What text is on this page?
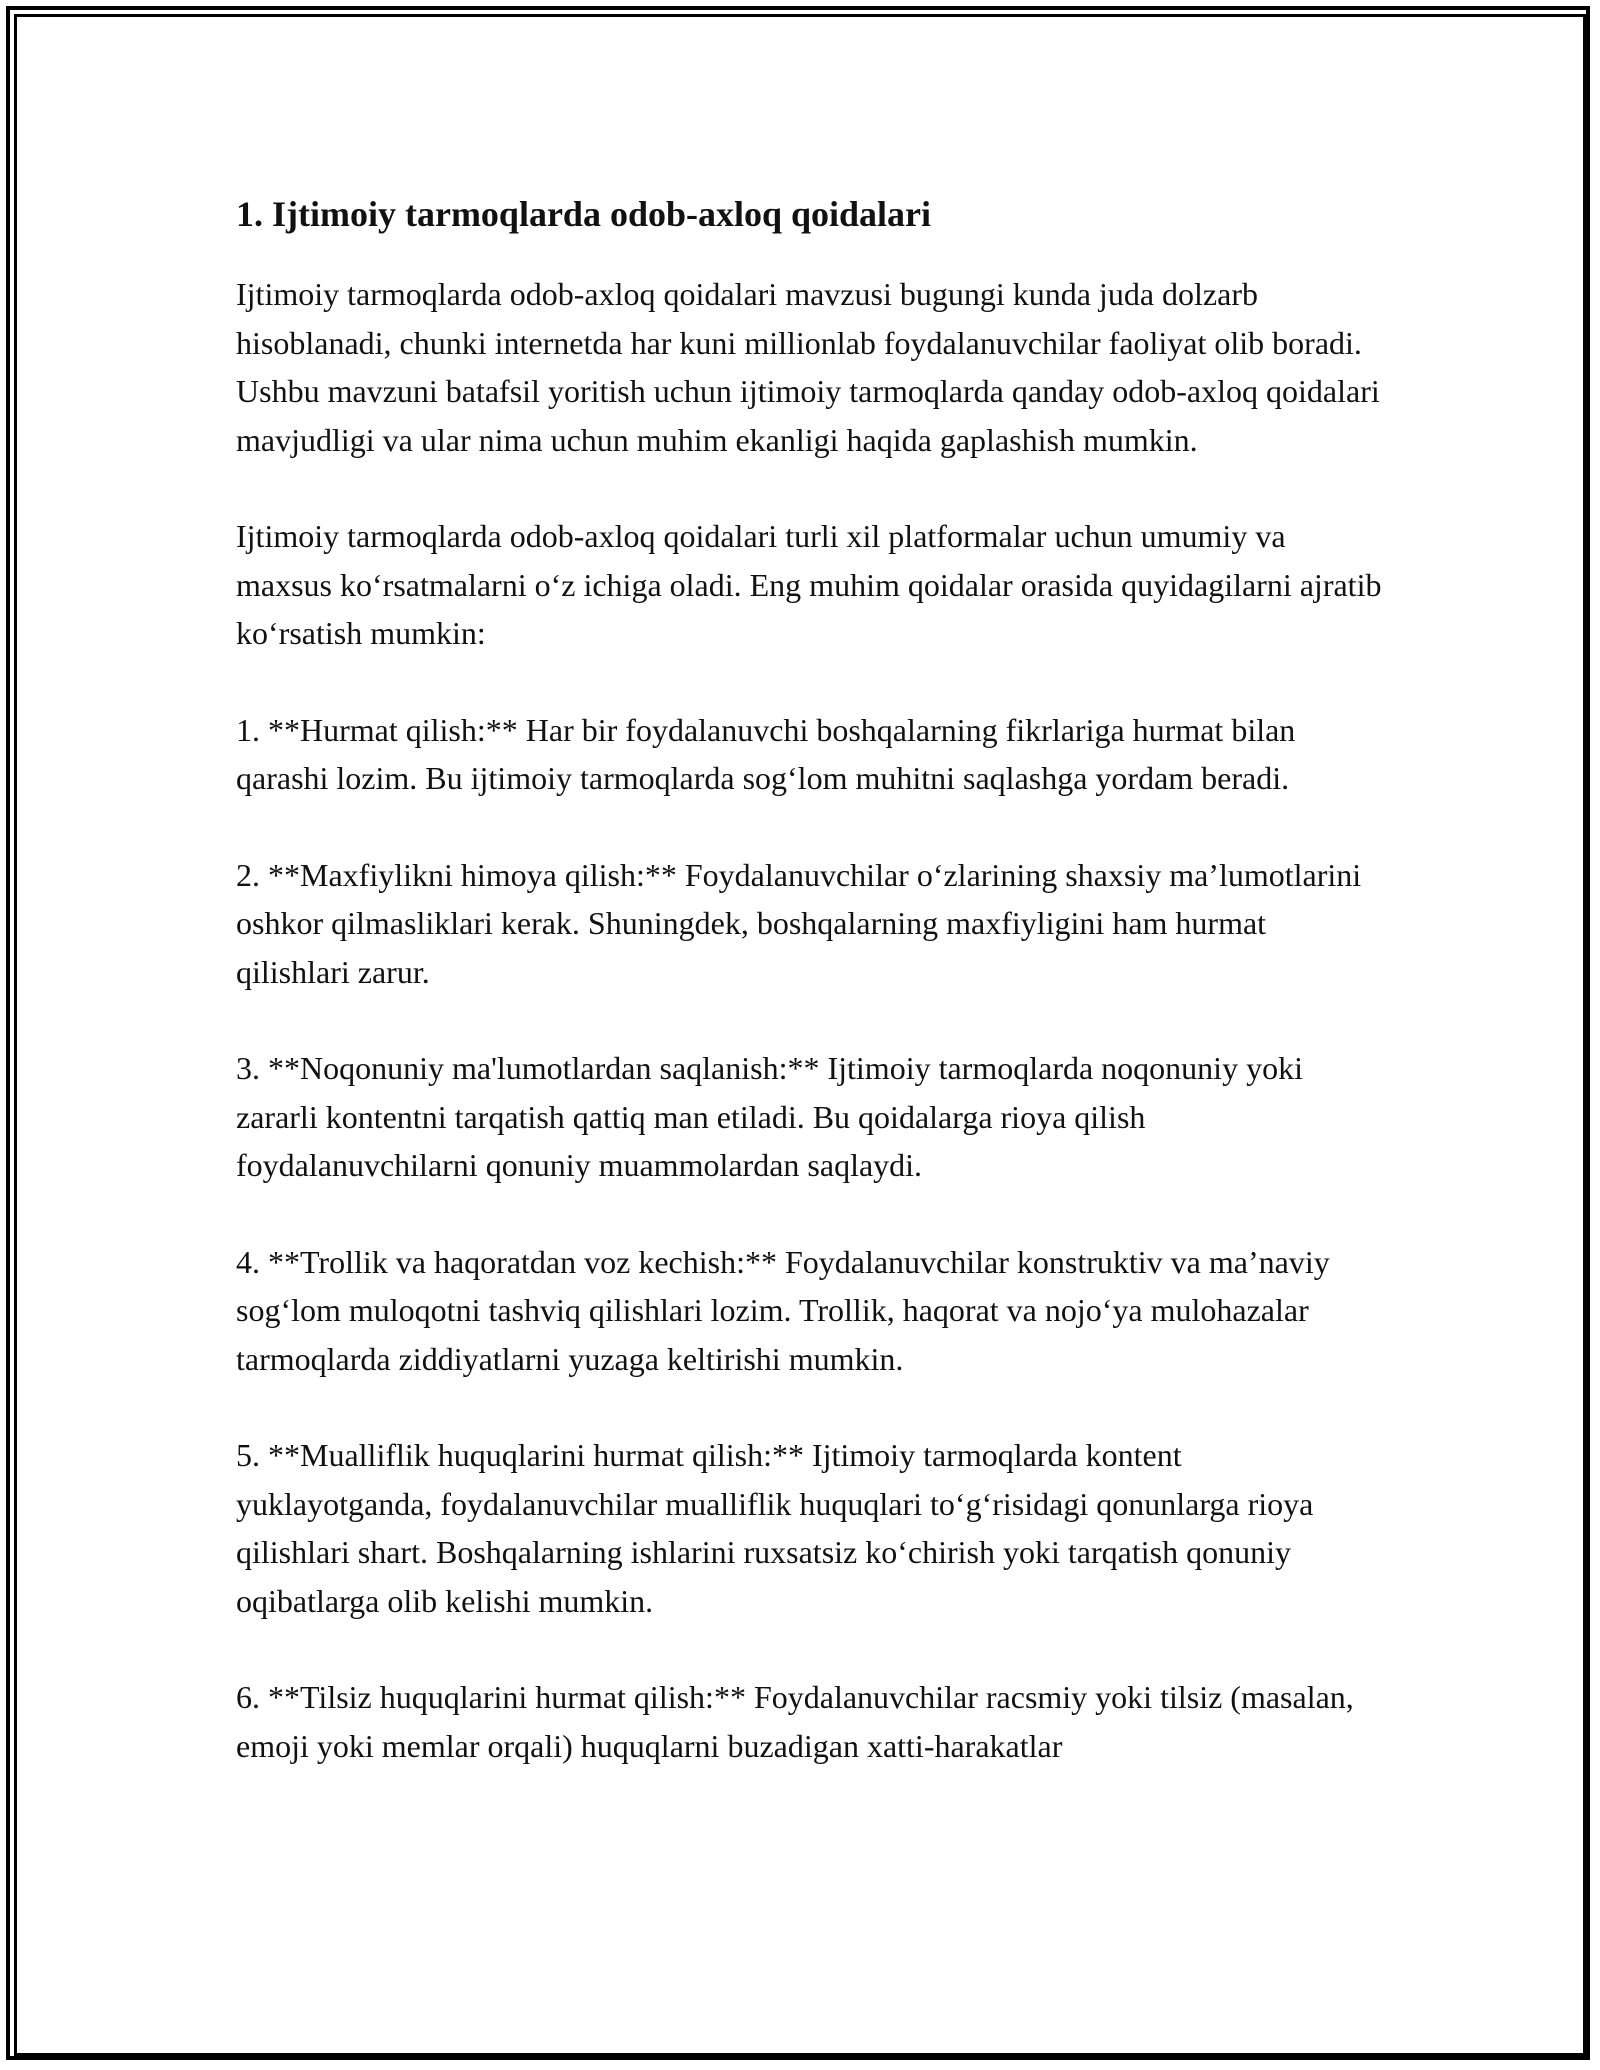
1. Ijtimoiy tarmoqlarda odob-axloq qoidalari

Ijtimoiy tarmoqlarda odob-axloq qoidalari mavzusi bugungi kunda juda dolzarb hisoblanadi, chunki internetda har kuni millionlab foydalanuvchilar faoliyat olib boradi. Ushbu mavzuni batafsil yoritish uchun ijtimoiy tarmoqlarda qanday odob-axloq qoidalari mavjudligi va ular nima uchun muhim ekanligi haqida gaplashish mumkin.

Ijtimoiy tarmoqlarda odob-axloq qoidalari turli xil platformalar uchun umumiy va maxsus koʻrsatmalarni oʻz ichiga oladi. Eng muhim qoidalar orasida quyidagilarni ajratib koʻrsatish mumkin:

1. **Hurmat qilish:** Har bir foydalanuvchi boshqalarning fikrlariga hurmat bilan qarashi lozim. Bu ijtimoiy tarmoqlarda sogʻlom muhitni saqlashga yordam beradi.

2. **Maxfiylikni himoya qilish:** Foydalanuvchilar oʻzlarining shaxsiy ma’lumotlarini oshkor qilmasliklari kerak. Shuningdek, boshqalarning maxfiyligini ham hurmat qilishlari zarur.

3. **Noqonuniy ma'lumotlardan saqlanish:** Ijtimoiy tarmoqlarda noqonuniy yoki zararli kontentni tarqatish qattiq man etiladi. Bu qoidalarga rioya qilish foydalanuvchilarni qonuniy muammolardan saqlaydi.

4. **Trollik va haqoratdan voz kechish:** Foydalanuvchilar konstruktiv va ma’naviy sogʻlom muloqotni tashviq qilishlari lozim. Trollik, haqorat va nojoʻya mulohazalar tarmoqlarda ziddiyatlarni yuzaga keltirishi mumkin.

5. **Mualliflik huquqlarini hurmat qilish:** Ijtimoiy tarmoqlarda kontent yuklayotganda, foydalanuvchilar mualliflik huquqlari toʻgʻrisidagi qonunlarga rioya qilishlari shart. Boshqalarning ishlarini ruxsatsiz koʻchirish yoki tarqatish qonuniy oqibatlarga olib kelishi mumkin.

6. **Tilsiz huquqlarini hurmat qilish:** Foydalanuvchilar racsmiy yoki tilsiz (masalan, emoji yoki memlar orqali) huquqlarni buzadigan xatti-harakatlar
